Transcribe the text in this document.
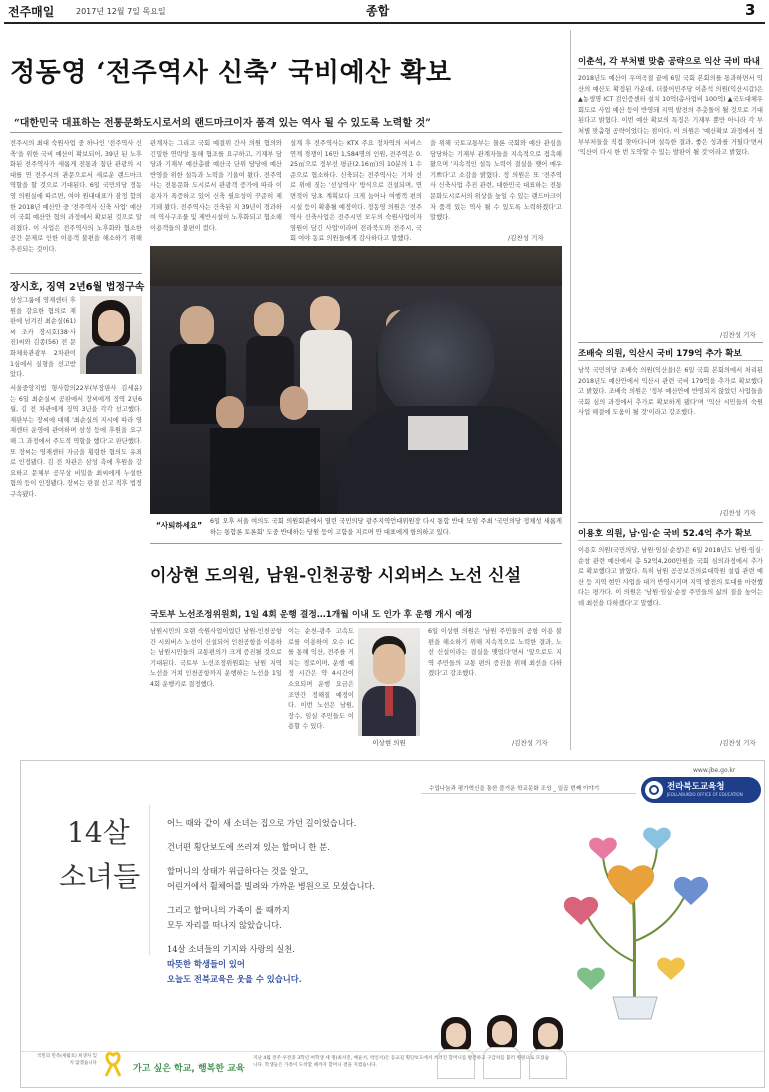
전주매일	2017년 12월 7일 목요일	종합	3
정동영 ‘전주역사 신축’ 국비예산 확보
“대한민국 대표하는 전통문화도시로서의 랜드마크이자 품격 있는 역사 될 수 있도록 노력할 것”
전주시의 최대 숙원사업 중 하나인 '전주역사 신축'을 위한 국비 예산이 확보되어, 39년 된 노후화된 전주역사가 새롭게 전통과 첨단 관광의 시대를 연 전주시의 관문으로서 새로운 랜드마크 역할을 할 것으로 기대된다. 6일 국민의당 정동영 의원실에 따르면, 여야 원내대표가 잠정 합의한 2018년 예산안 중 '전주역사 신축 사업' 예산이 국회 예산안 협의 과정에서 확보된 것으로 알려졌다. 이 사업은 전주역사의 노후화와 협소한 공간 문제로 인한 이용객 불편을 해소하기 위해 추진되는 것이다.
관계자는 그리고 국회 예결위 간사 의원 협의와 긴밀한 연락망 통해 협조를 요구하고, 기재부 담당과 기재부 예산총괄 예산국 단위 담당에 예산 반영을 위한 설득과 노력을 기울여 왔다. 전주역사는 전통문화 도시로서 관광객 증가에 따라 이용자가 폭증하고 있어 신축 필요성이 꾸준히 제기돼 왔다. 전주역사는 건축된 지 39년이 경과하여 역사구조물 및 제반시설이 노후화되고 협소해 이용객들의 불편이 컸다.
설계 후 전주역사는 KTX 주요 정차역의 서비스연계 경쟁이 16만 1,584명의 인원, 전주역은 0.25㎡으로 정부선 평균(2.16㎡)의 10분의 1 수준으로 협소하다. 신축되는 전주역사는 기차 선로 위에 짓는 '선상역사' 방식으로 건설되며, 연면적이 당초 계획보다 크게 늘어나 여행객 편의시설 등이 확충될 예정이다. 정동영 의원은 '전주역사 신축사업은 전주시민 모두의 숙원사업이자 염원이 담긴 사업'이라며 전라북도와 전주시, 국회 여야 동료 의원들에게 감사하다고 말했다.
을 위해 국토교통부는 물론 국회와 예산 관심을 담당하는 기재부 관계자들을 지속적으로 접촉해 왔으며 '지속적인 설득 노력이 결실을 맺어 매우 기쁘다'고 소감을 밝혔다. 정 의원은 또 '전주역사 신축사업 추진 관련, 대한민국 대표하는 전통문화도시로서의 위상을 높일 수 있는 랜드마크이자 품격 있는 역사 될 수 있도록 노력하겠다'고 말했다.
/김찬성 기자
장시호, 징역 2년6월 법정구속
삼성그룹에 영재센터 후원을 강요한 혐의로 재판에 넘겨진 최순실(61)씨 조카 장시호(38·사진)씨와 김종(56) 전 문화체육관광부 2차관이 1심에서 실형을 선고받았다.
서울중앙지법 형사합의22부(부장판사 김세윤)는 6일 최순실씨 공판에서 장씨에게 징역 2년6월, 김 전 차관에게 징역 3년을 각각 선고했다. 재판부는 장씨에 대해 '최순실의 지시에 따라 영재센터 운영에 관여하며 삼성 등에 후원을 요구해 그 과정에서 주도적 역할을 했다'고 판단했다. 또 장씨는 영재센터 자금을 횡령한 혐의도 유죄로 인정됐다. 김 전 차관은 삼성 측에 후원을 강요하고 문체부 공무상 비밀을 최씨에게 누설한 혐의 등이 인정됐다. 장씨는 판결 선고 직후 법정구속됐다.
“사퇴하세요” 6일 오후 서울 여의도 국회 의원회관에서 열린 국민의당 광주지역언대위원장 다시 통합 반대 모임 주최 '국민의당 정체성 새롭게 하는 통합론 토론회' 도중 반대하는 당원 등이 고함을 지르며 안 대표에게 항의하고 있다.
이상현 도의원, 남원-인천공항 시외버스 노선 신설
국토부 노선조정위원회, 1일 4회 운행 결정…1개월 이내 도 인가 후 운행 개시 예정
남원시민의 오랜 숙원사업이었던 남원-인천공항 간 시외버스 노선이 신설되어 인천공항을 이용하는 남원시민들의 교통편의가 크게 증진될 것으로 기대된다. 국토부 노선조정위원회는 남원 지역 노선을 거쳐 인천공항까지 운행하는 노선을 1일 4회 운행키로 결정했다.
이는 순천-광주 고속도로를 이용하여 오수 IC를 통해 익산, 전주를 거치는 경로이며, 운행 예정 시간은 약 4시간이 소요되며 운행 요금은 조만간 정해질 예정이다. 이번 노선은 남원, 장수, 임실 주민들도 이용할 수 있다.
이상현 의원
6일 이상현 의원은 '남원 주민들의 공항 이용 불편을 해소하기 위해 지속적으로 노력한 결과, 노선 신설이라는 결실을 맺었다'면서 '앞으로도 지역 주민들의 교통 편의 증진을 위해 최선을 다하겠다'고 강조했다.
/김찬성 기자
이춘석, 각 부처별 맞춤 공략으로 익산 국비 따내
2018년도 예산이 우여곡절 끝에 6일 국회 본회의를 통과하면서 익산의 예산도 확정된 가운데, 더불어민주당 이춘석 의원(익산시갑)은 ▲농생명 ICT 검인증센터 설치 10억(총사업비 100억) ▲국도대체우회도로 사업 예산 등이 반영돼 지역 발전의 주춧돌이 될 것으로 기대된다고 밝혔다. 이번 예산 확보의 특징은 기재부 뿐만 아니라 각 부처별 맞춤형 공략이었다는 점이다. 이 의원은 '예산확보 과정에서 정부부처들을 직접 찾아다니며 설득한 결과, 좋은 성과를 거뒀다'면서 '익산이 다시 한 번 도약할 수 있는 발판이 될 것'이라고 밝혔다.
/김찬성 기자
조배숙 의원, 익산시 국비 179억 추가 확보
남북 국민의당 조배숙 의원(익산을)은 6일 국회 본회의에서 처리된 2018년도 예산안에서 익산시 관련 국비 179억을 추가로 확보했다고 밝혔다. 조배숙 의원은 '정부 예산안에 반영되지 않았던 사업들을 국회 심의 과정에서 추가로 확보하게 됐다'며 '익산 시민들의 숙원 사업 해결에 도움이 될 것'이라고 강조했다.
/김찬성 기자
이용호 의원, 남·임·순 국비 52.4억 추가 확보
이용호 의원(국민의당, 남원·임실·순창)은 6일 2018년도 남원·임실·순창 관련 예산에서 총 52억4,200만원을 국회 심의과정에서 추가로 확보했다고 밝혔다. 특히 남원 공공보건의료대학원 설립 관련 예산 등 지역 현안 사업을 대거 반영시키며 지역 발전의 토대를 마련했다는 평가다. 이 의원은 '남원·임실·순창 주민들의 삶의 질을 높이는 데 최선을 다하겠다'고 말했다.
/김찬성 기자
www.jbe.go.kr
수업나눔과 평가혁신을 통한 즐거운 학교문화 조성 _ 일곱 번째 이야기	전라북도교육청
JEOLLABUKDO OFFICE OF EDUCATION
14살
소녀들
어느 때와 같이 새 소녀는 집으로 가던 길이었습니다.
건너편 횡단보도에 쓰러져 있는 할머니 한 분.
할머니의 상태가 위급하다는 것을 알고,
어린거에서 휠체어를 빌려와 가까운 병원으로 모셨습니다.
그리고 할머니의 가족이 올 때까지
모두 자리를 떠나지 않았습니다.
14살 소녀들의 기지와 사랑의 실천.
따뜻한 학생들이 있어
오늘도 전북교육은 웃을 수 있습니다.
국민의 민족(세월호) 희생자 잊지 않겠습니다
가고 싶은 학교, 행복한 교육
지난 4월 전주 우전중 3학년 여학생 세 명(최서진, 배윤서, 박인서)은 등교길 횡단보도에서 쓰러진 할머니를 발견하고 구급차를 불러 병원으로 모셨습니다. 학생들은 가족이 도착할 때까지 할머니 곁을 지켰습니다.
